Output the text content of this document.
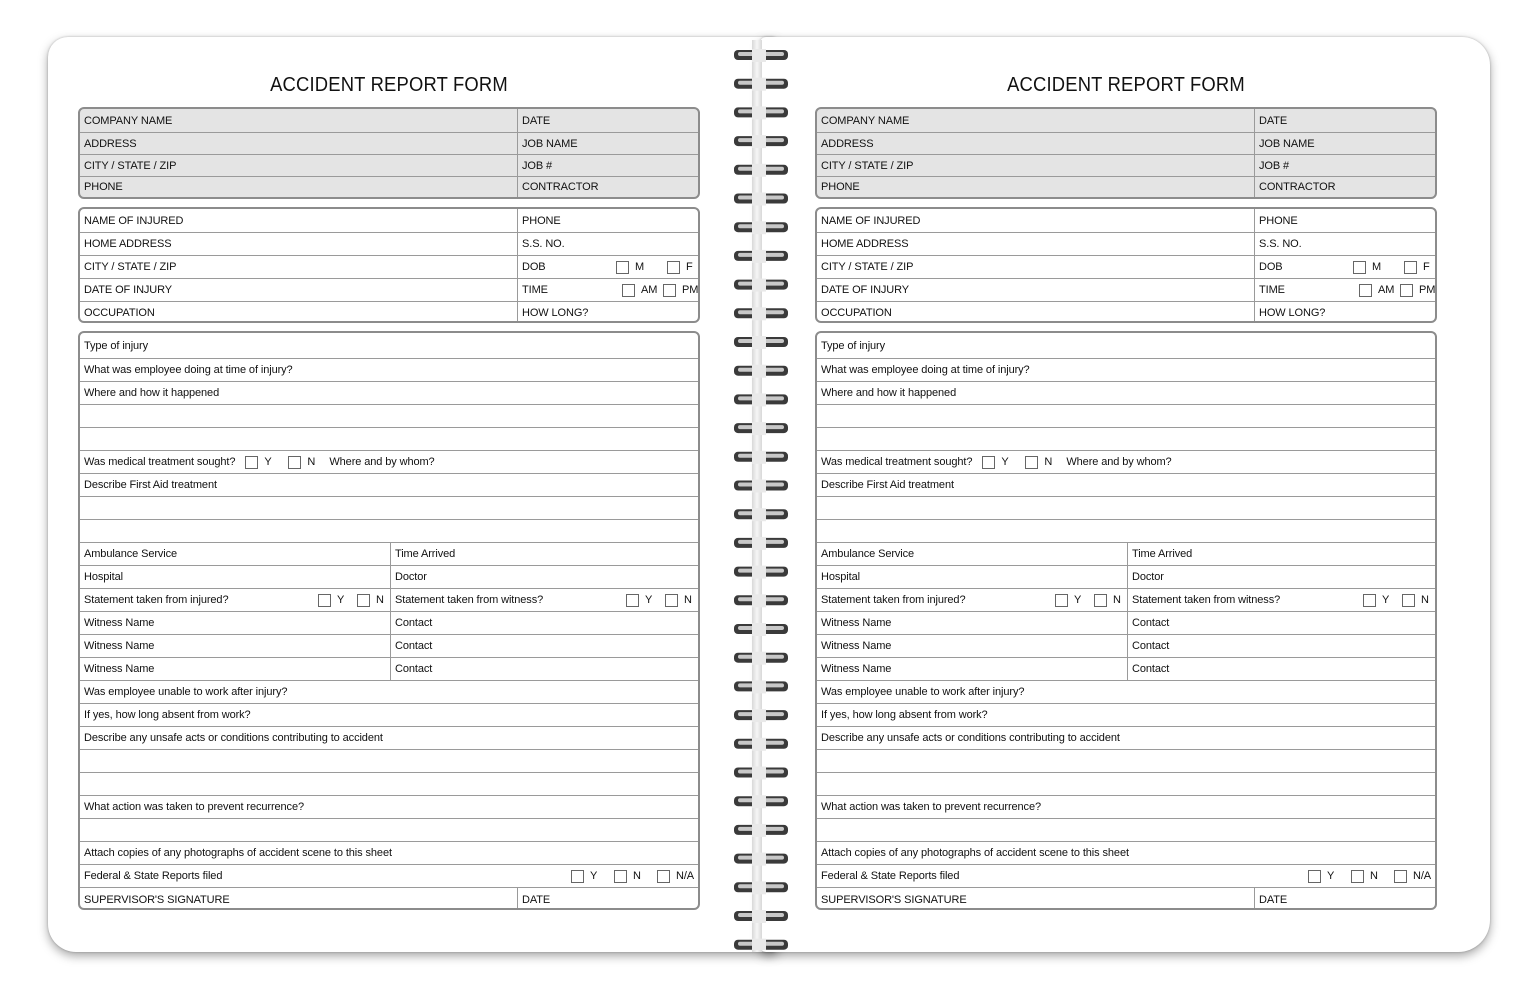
ACCIDENT REPORT FORM
COMPANY NAME	DATE
ADDRESS	JOB NAME
CITY / STATE / ZIP	JOB #
PHONE	CONTRACTOR
NAME OF INJURED	PHONE
HOME ADDRESS	S.S. NO.
CITY / STATE / ZIP	DOB	M	F
DATE OF INJURY	TIME	AM	PM
OCCUPATION	HOW LONG?
Type of injury
What was employee doing at time of injury?
Where and how it happened
Was medical treatment sought?	Y	N	Where and by whom?
Describe First Aid treatment
Ambulance Service	Time Arrived
Hospital	Doctor
Statement taken from injured?	Y	N	Statement taken from witness?	Y	N
Witness Name	Contact
Witness Name	Contact
Witness Name	Contact
Was employee unable to work after injury?
If yes, how long absent from work?
Describe any unsafe acts or conditions contributing to accident
What action was taken to prevent recurrence?
Attach copies of any photographs of accident scene to this sheet
Federal & State Reports filed	Y	N	N/A
SUPERVISOR'S SIGNATURE	DATE
ACCIDENT REPORT FORM
COMPANY NAME	DATE
ADDRESS	JOB NAME
CITY / STATE / ZIP	JOB #
PHONE	CONTRACTOR
NAME OF INJURED	PHONE
HOME ADDRESS	S.S. NO.
CITY / STATE / ZIP	DOB	M	F
DATE OF INJURY	TIME	AM	PM
OCCUPATION	HOW LONG?
Type of injury
What was employee doing at time of injury?
Where and how it happened
Was medical treatment sought?	Y	N	Where and by whom?
Describe First Aid treatment
Ambulance Service	Time Arrived
Hospital	Doctor
Statement taken from injured?	Y	N	Statement taken from witness?	Y	N
Witness Name	Contact
Witness Name	Contact
Witness Name	Contact
Was employee unable to work after injury?
If yes, how long absent from work?
Describe any unsafe acts or conditions contributing to accident
What action was taken to prevent recurrence?
Attach copies of any photographs of accident scene to this sheet
Federal & State Reports filed	Y	N	N/A
SUPERVISOR'S SIGNATURE	DATE
